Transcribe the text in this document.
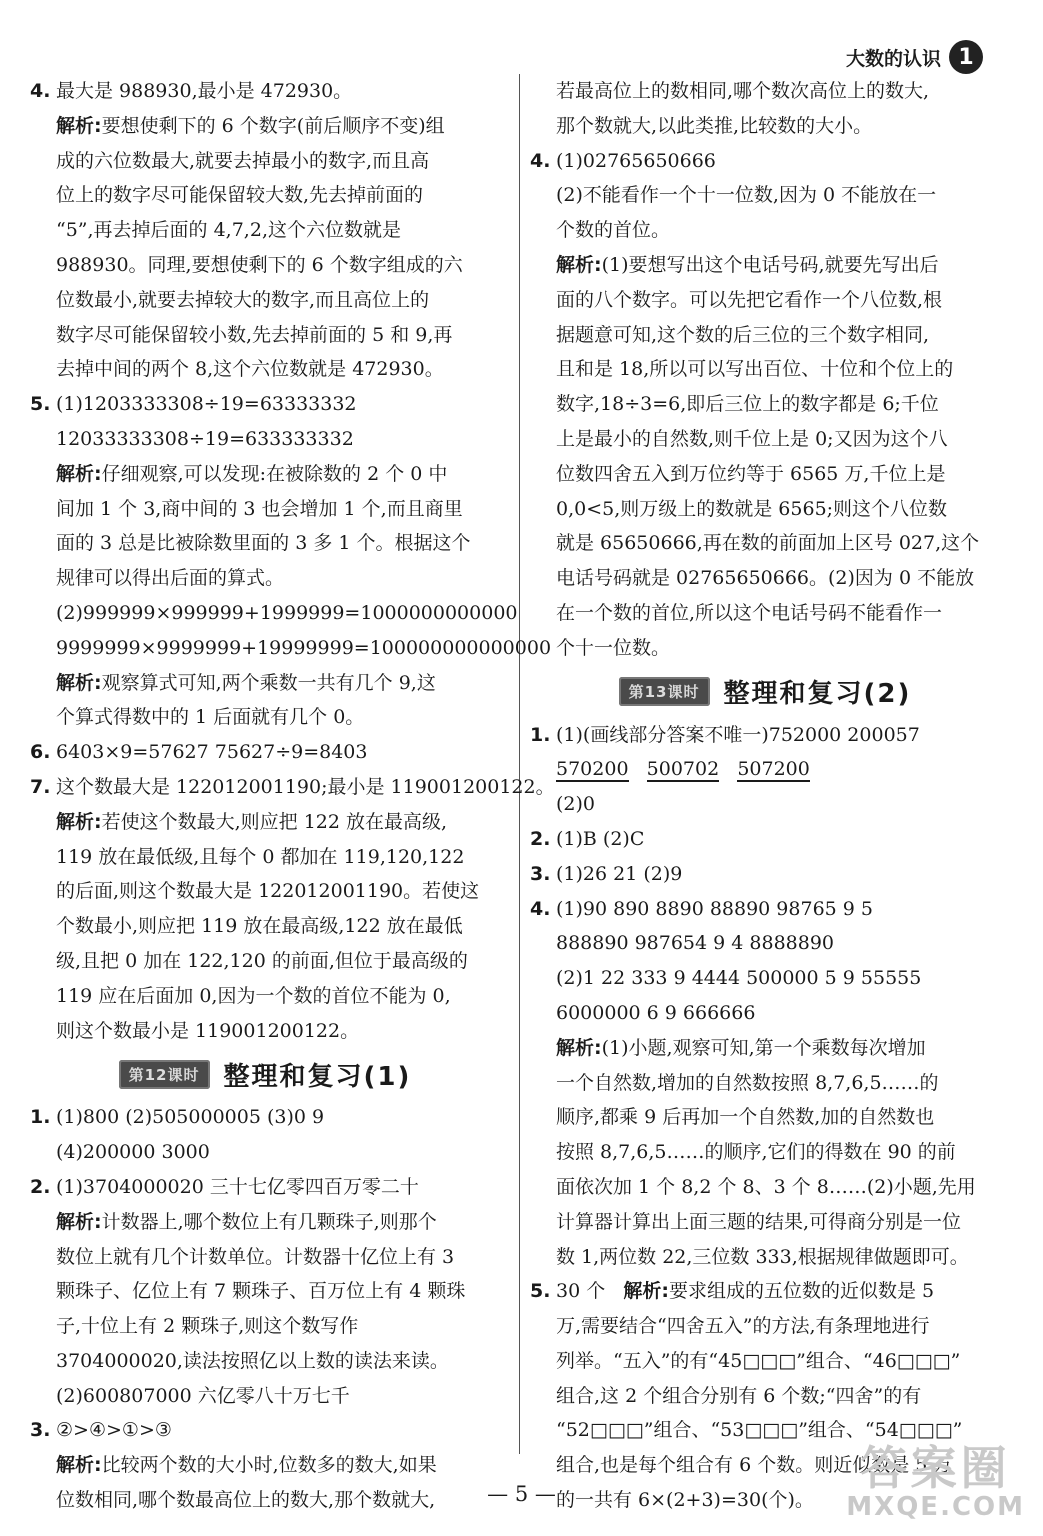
大数的认识 1
4. 最大是 988930,最小是 472930。
解析:要想使剩下的 6 个数字(前后顺序不变)组
成的六位数最大,就要去掉最小的数字,而且高
位上的数字尽可能保留较大数,先去掉前面的
“5”,再去掉后面的 4,7,2,这个六位数就是
988930。同理,要想使剩下的 6 个数字组成的六
位数最小,就要去掉较大的数字,而且高位上的
数字尽可能保留较小数,先去掉前面的 5 和 9,再
去掉中间的两个 8,这个六位数就是 472930。
5. (1)1203333308÷19=63333332
12033333308÷19=633333332
解析:仔细观察,可以发现:在被除数的 2 个 0 中
间加 1 个 3,商中间的 3 也会增加 1 个,而且商里
面的 3 总是比被除数里面的 3 多 1 个。根据这个
规律可以得出后面的算式。
(2)999999×999999+1999999=1000000000000
9999999×9999999+19999999=100000000000000
解析:观察算式可知,两个乘数一共有几个 9,这
个算式得数中的 1 后面就有几个 0。
6. 6403×9=57627 75627÷9=8403
7. 这个数最大是 122012001190;最小是 119001200122。
解析:若使这个数最大,则应把 122 放在最高级,
119 放在最低级,且每个 0 都加在 119,120,122
的后面,则这个数最大是 122012001190。若使这
个数最小,则应把 119 放在最高级,122 放在最低
级,且把 0 加在 122,120 的前面,但位于最高级的
119 应在后面加 0,因为一个数的首位不能为 0,
则这个数最小是 119001200122。
第12课时 整理和复习(1)
1. (1)800 (2)505000005 (3)0 9
(4)200000 3000
2. (1)3704000020 三十七亿零四百万零二十
解析:计数器上,哪个数位上有几颗珠子,则那个
数位上就有几个计数单位。计数器十亿位上有 3
颗珠子、亿位上有 7 颗珠子、百万位上有 4 颗珠
子,十位上有 2 颗珠子,则这个数写作
3704000020,读法按照亿以上数的读法来读。
(2)600807000 六亿零八十万七千
3. ②>④>①>③
解析:比较两个数的大小时,位数多的数大,如果
位数相同,哪个数最高位上的数大,那个数就大,
若最高位上的数相同,哪个数次高位上的数大,
那个数就大,以此类推,比较数的大小。
4. (1)02765650666
(2)不能看作一个十一位数,因为 0 不能放在一
个数的首位。
解析:(1)要想写出这个电话号码,就要先写出后
面的八个数字。可以先把它看作一个八位数,根
据题意可知,这个数的后三位的三个数字相同,
且和是 18,所以可以写出百位、十位和个位上的
数字,18÷3=6,即后三位上的数字都是 6;千位
上是最小的自然数,则千位上是 0;又因为这个八
位数四舍五入到万位约等于 6565 万,千位上是
0,0<5,则万级上的数就是 6565;则这个八位数
就是 65650666,再在数的前面加上区号 027,这个
电话号码就是 02765650666。(2)因为 0 不能放
在一个数的首位,所以这个电话号码不能看作一
个十一位数。
第13课时 整理和复习(2)
1. (1)(画线部分答案不唯一)752000 200057
570200 500702 507200
(2)0
2. (1)B (2)C
3. (1)26 21 (2)9
4. (1)90 890 8890 88890 98765 9 5
888890 987654 9 4 8888890
(2)1 22 333 9 4444 500000 5 9 55555
6000000 6 9 666666
解析:(1)小题,观察可知,第一个乘数每次增加
一个自然数,增加的自然数按照 8,7,6,5……的
顺序,都乘 9 后再加一个自然数,加的自然数也
按照 8,7,6,5……的顺序,它们的得数在 90 的前
面依次加 1 个 8,2 个 8、3 个 8……(2)小题,先用
计算器计算出上面三题的结果,可得商分别是一位
数 1,两位数 22,三位数 333,根据规律做题即可。
5. 30 个 解析:要求组成的五位数的近似数是 5
万,需要结合“四舍五入”的方法,有条理地进行
列举。“五入”的有“45□□□”组合、“46□□□”
组合,这 2 个组合分别有 6 个数;“四舍”的有
“52□□□”组合、“53□□□”组合、“54□□□”
组合,也是每个组合有 6 个数。则近似数是 5 万
的一共有 6×(2+3)=30(个)。
— 5 —	答案圈
MXQE.COM
